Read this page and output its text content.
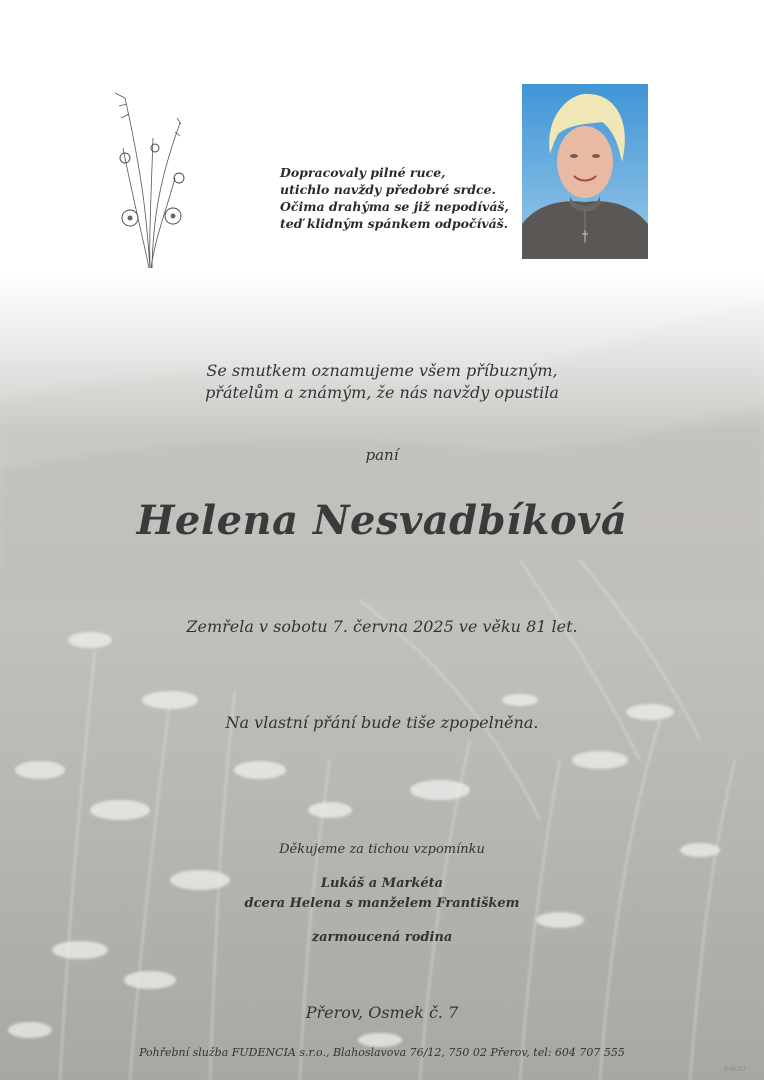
Dopracovaly pilné ruce,
utichlo navždy předobré srdce.
Očima drahýma se již nepodíváš,
teď klidným spánkem odpočíváš.
Se smutkem oznamujeme všem příbuzným,
přátelům a známým, že nás navždy opustila
paní
Helena Nesvadbíková
Zemřela v sobotu 7. června 2025 ve věku 81 let.
Na vlastní přání bude tiše zpopelněna.
Děkujeme za tichou vzpomínku
Lukáš a Markéta
dcera Helena s manželem Františkem
zarmoucená rodina
Přerov, Osmek č. 7
Pohřební služba FUDENCIA s.r.o., Blahoslavova 76/12, 750 02 Přerov, tel: 604 707 555
©MCST
